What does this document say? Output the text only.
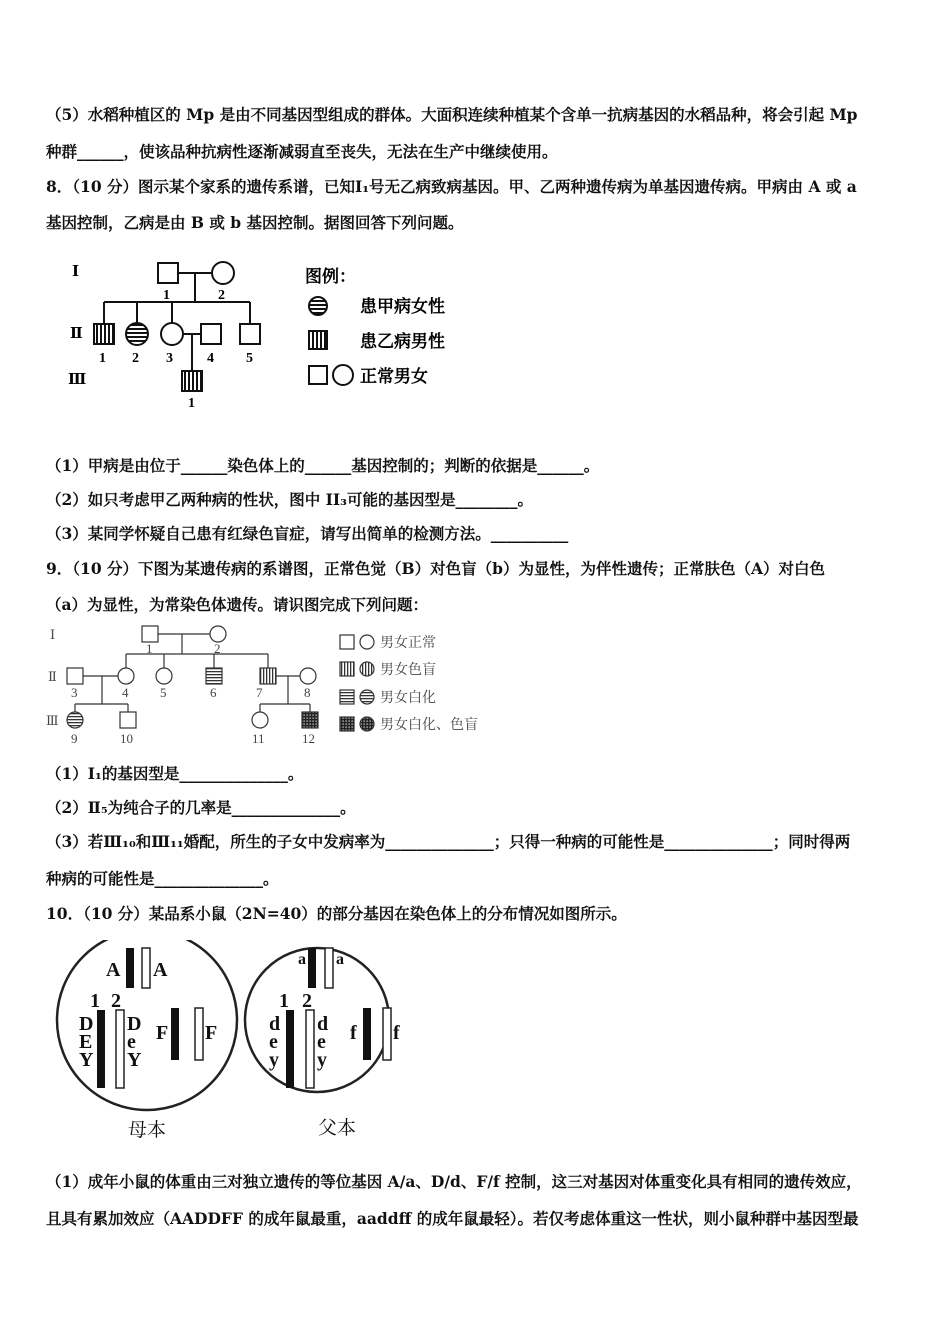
（5）水稻种植区的 Mp 是由不同基因型组成的群体。大面积连续种植某个含单一抗病基因的水稻品种，将会引起 Mp
种群______，使该品种抗病性逐渐减弱直至丧失，无法在生产中继续使用。
8．（10 分）图示某个家系的遗传系谱，已知Ⅰ₁号无乙病致病基因。甲、乙两种遗传病为单基因遗传病。甲病由 A 或 a
基因控制，乙病是由 B 或 b 基因控制。据图回答下列问题。
Ⅰ
Ⅱ
Ⅲ
1	2
1 2 3 4 5
1
图例：
患甲病女性
患乙病男性
正常男女
（1）甲病是由位于______染色体上的______基因控制的；判断的依据是______。
（2）如只考虑甲乙两种病的性状，图中 II₃可能的基因型是________。
（3）某同学怀疑自己患有红绿色盲症，请写出简单的检测方法。__________
9．（10 分）下图为某遗传病的系谱图，正常色觉（B）对色盲（b）为显性，为伴性遗传；正常肤色（A）对白色
（a）为显性，为常染色体遗传。请识图完成下列问题：
Ⅰ
Ⅱ
Ⅲ
1	2
3	4 5	6	7	8
9	10	11	12
男女正常
男女色盲
男女白化
男女白化、色盲
（1）Ⅰ₁的基因型是______________。
（2）Ⅱ₅为纯合子的几率是______________。
（3）若Ⅲ₁₀和Ⅲ₁₁婚配，所生的子女中发病率为______________；只得一种病的可能性是______________；同时得两
种病的可能性是______________。
10．（10 分）某品系小鼠（2N=40）的部分基因在染色体上的分布情况如图所示。
A A
1 2
D
E
Y
D
e
Y
F F
母本
a a
1 2
d
e
y
d
e
y
f f
父本
（1）成年小鼠的体重由三对独立遗传的等位基因 A/a、D/d、F/f 控制，这三对基因对体重变化具有相同的遗传效应，
且具有累加效应（AADDFF 的成年鼠最重，aaddff 的成年鼠最轻）。若仅考虑体重这一性状，则小鼠种群中基因型最
